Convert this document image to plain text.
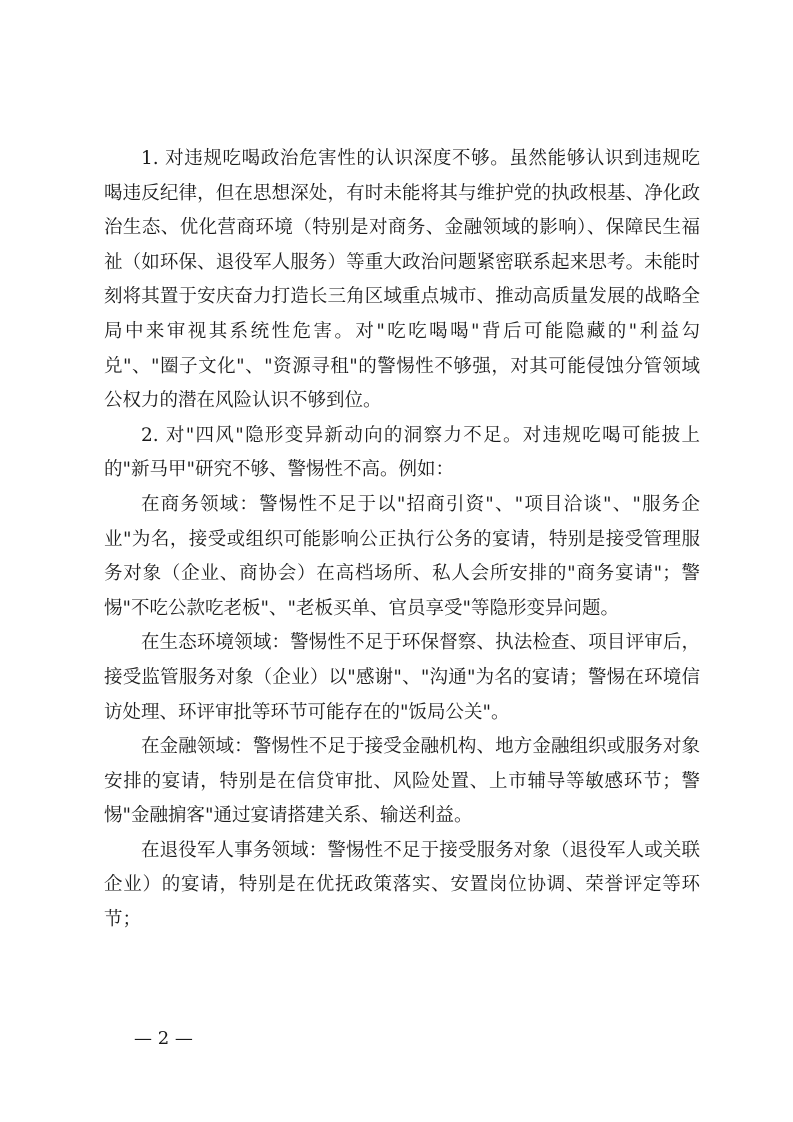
1. 对违规吃喝政治危害性的认识深度不够。虽然能够认识到违规吃喝违反纪律，但在思想深处，有时未能将其与维护党的执政根基、净化政治生态、优化营商环境（特别是对商务、金融领域的影响）、保障民生福祉（如环保、退役军人服务）等重大政治问题紧密联系起来思考。未能时刻将其置于安庆奋力打造长三角区域重点城市、推动高质量发展的战略全局中来审视其系统性危害。对"吃吃喝喝"背后可能隐藏的"利益勾兑"、"圈子文化"、"资源寻租"的警惕性不够强，对其可能侵蚀分管领域公权力的潜在风险认识不够到位。

2. 对"四风"隐形变异新动向的洞察力不足。对违规吃喝可能披上的"新马甲"研究不够、警惕性不高。例如：

在商务领域：警惕性不足于以"招商引资"、"项目洽谈"、"服务企业"为名，接受或组织可能影响公正执行公务的宴请，特别是接受管理服务对象（企业、商协会）在高档场所、私人会所安排的"商务宴请"；警惕"不吃公款吃老板"、"老板买单、官员享受"等隐形变异问题。

在生态环境领域：警惕性不足于环保督察、执法检查、项目评审后，接受监管服务对象（企业）以"感谢"、"沟通"为名的宴请；警惕在环境信访处理、环评审批等环节可能存在的"饭局公关"。

在金融领域：警惕性不足于接受金融机构、地方金融组织或服务对象安排的宴请，特别是在信贷审批、风险处置、上市辅导等敏感环节；警惕"金融掮客"通过宴请搭建关系、输送利益。

在退役军人事务领域：警惕性不足于接受服务对象（退役军人或关联企业）的宴请，特别是在优抚政策落实、安置岗位协调、荣誉评定等环节；

— 2 —
